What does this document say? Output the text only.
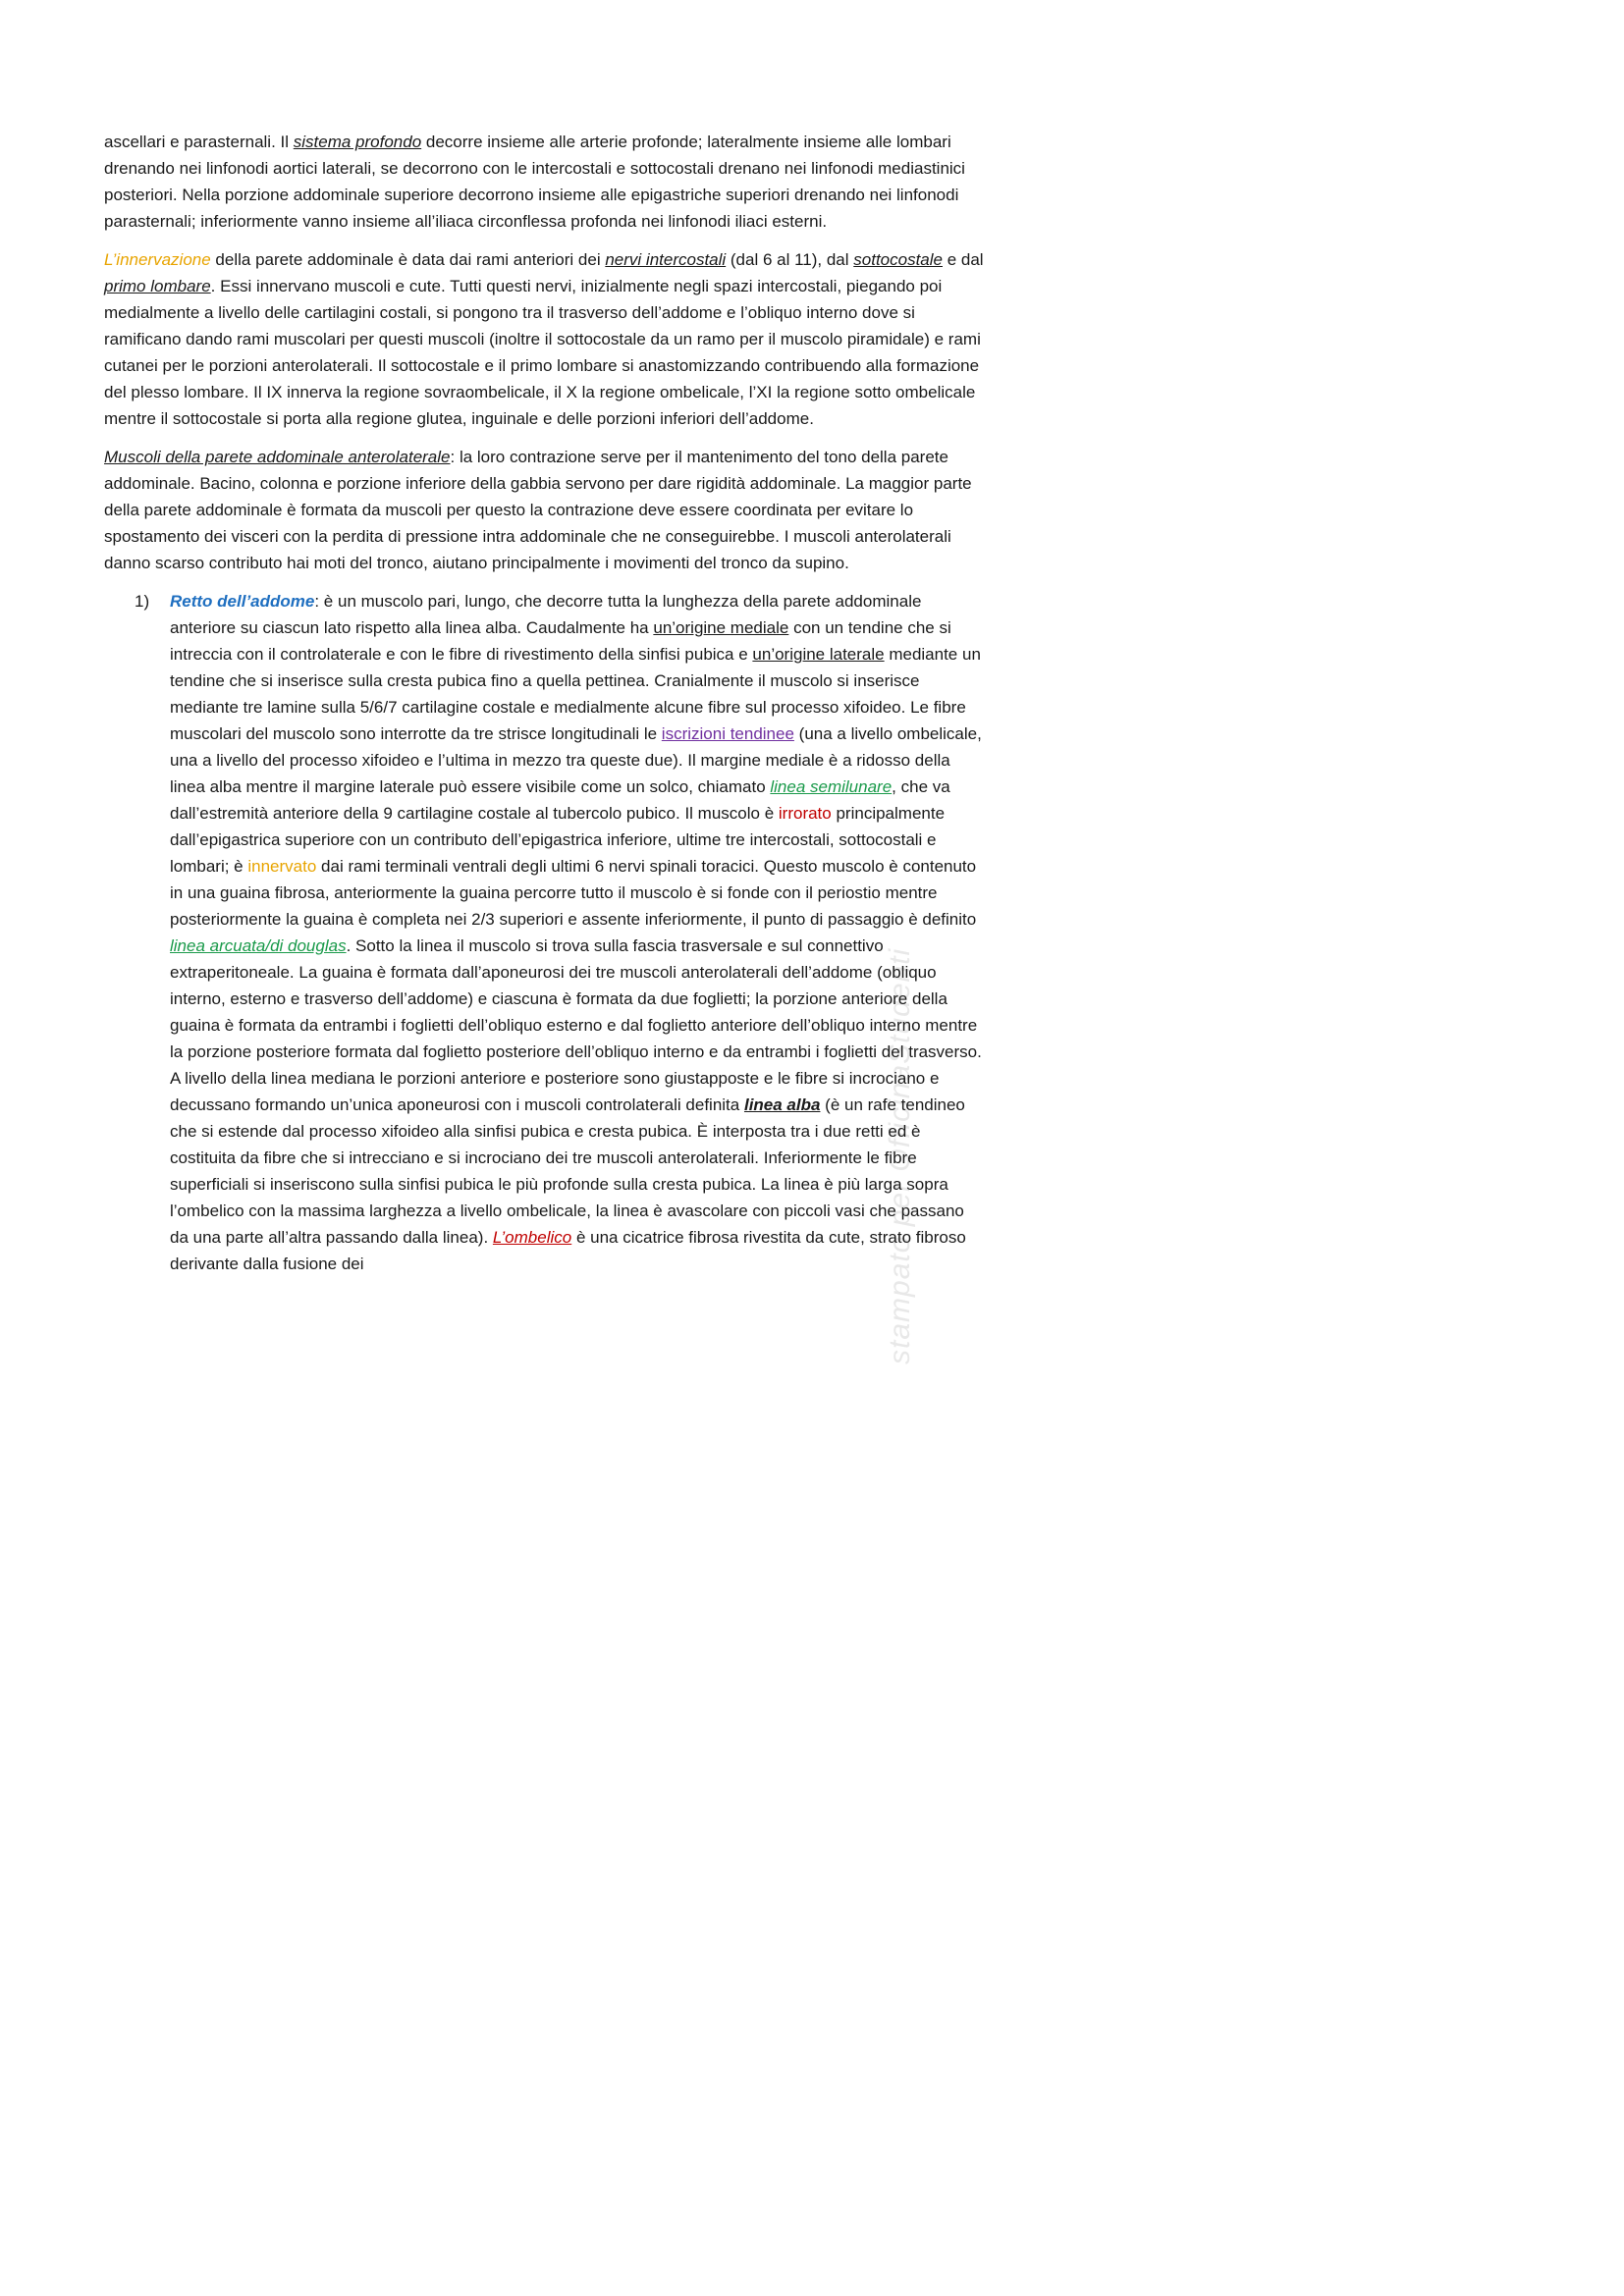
stampato per OfficinaStudenti

ascellari e parasternali. Il sistema profondo decorre insieme alle arterie profonde; lateralmente insieme alle lombari drenando nei linfonodi aortici laterali, se decorrono con le intercostali e sottocostali drenano nei linfonodi mediastinici posteriori. Nella porzione addominale superiore decorrono insieme alle epigastriche superiori drenando nei linfonodi parasternali; inferiormente vanno insieme all’iliaca circonflessa profonda nei linfonodi iliaci esterni.

L’innervazione della parete addominale è data dai rami anteriori dei nervi intercostali (dal 6 al 11), dal sottocostale e dal primo lombare. Essi innervano muscoli e cute. Tutti questi nervi, inizialmente negli spazi intercostali, piegando poi medialmente a livello delle cartilagini costali, si pongono tra il trasverso dell’addome e l’obliquo interno dove si ramificano dando rami muscolari per questi muscoli (inoltre il sottocostale da un ramo per il muscolo piramidale) e rami cutanei per le porzioni anterolaterali. Il sottocostale e il primo lombare si anastomizzando contribuendo alla formazione del plesso lombare. Il IX innerva la regione sovraombelicale, il X la regione ombelicale, l’XI la regione sotto ombelicale mentre il sottocostale si porta alla regione glutea, inguinale e delle porzioni inferiori dell’addome.

Muscoli della parete addominale anterolaterale: la loro contrazione serve per il mantenimento del tono della parete addominale. Bacino, colonna e porzione inferiore della gabbia servono per dare rigidità addominale. La maggior parte della parete addominale è formata da muscoli per questo la contrazione deve essere coordinata per evitare lo spostamento dei visceri con la perdita di pressione intra addominale che ne conseguirebbe. I muscoli anterolaterali danno scarso contributo hai moti del tronco, aiutano principalmente i movimenti del tronco da supino.

1) Retto dell’addome: è un muscolo pari, lungo, che decorre tutta la lunghezza della parete addominale anteriore su ciascun lato rispetto alla linea alba. Caudalmente ha un’origine mediale con un tendine che si intreccia con il controlaterale e con le fibre di rivestimento della sinfisi pubica e un’origine laterale mediante un tendine che si inserisce sulla cresta pubica fino a quella pettinea. Cranialmente il muscolo si inserisce mediante tre lamine sulla 5/6/7 cartilagine costale e medialmente alcune fibre sul processo xifoideo. Le fibre muscolari del muscolo sono interrotte da tre strisce longitudinali le iscrizioni tendinee (una a livello ombelicale, una a livello del processo xifoideo e l’ultima in mezzo tra queste due). Il margine mediale è a ridosso della linea alba mentre il margine laterale può essere visibile come un solco, chiamato linea semilunare, che va dall’estremità anteriore della 9 cartilagine costale al tubercolo pubico. Il muscolo è irrorato principalmente dall’epigastrica superiore con un contributo dell’epigastrica inferiore, ultime tre intercostali, sottocostali e lombari; è innervato dai rami terminali ventrali degli ultimi 6 nervi spinali toracici. Questo muscolo è contenuto in una guaina fibrosa, anteriormente la guaina percorre tutto il muscolo è si fonde con il periostio mentre posteriormente la guaina è completa nei 2/3 superiori e assente inferiormente, il punto di passaggio è definito linea arcuata/di douglas. Sotto la linea il muscolo si trova sulla fascia trasversale e sul connettivo extraperitoneale. La guaina è formata dall’aponeurosi dei tre muscoli anterolaterali dell’addome (obliquo interno, esterno e trasverso dell’addome) e ciascuna è formata da due foglietti; la porzione anteriore della guaina è formata da entrambi i foglietti dell’obliquo esterno e dal foglietto anteriore dell’obliquo interno mentre la porzione posteriore formata dal foglietto posteriore dell’obliquo interno e da entrambi i foglietti del trasverso. A livello della linea mediana le porzioni anteriore e posteriore sono giustapposte e le fibre si incrociano e decussano formando un’unica aponeurosi con i muscoli controlaterali definita linea alba (è un rafe tendineo che si estende dal processo xifoideo alla sinfisi pubica e cresta pubica. È interposta tra i due retti ed è costituita da fibre che si intrecciano e si incrociano dei tre muscoli anterolaterali. Inferiormente le fibre superficiali si inseriscono sulla sinfisi pubica le più profonde sulla cresta pubica. La linea è più larga sopra l’ombelico con la massima larghezza a livello ombelicale, la linea è avascolare con piccoli vasi che passano da una parte all’altra passando dalla linea). L’ombelico è una cicatrice fibrosa rivestita da cute, strato fibroso derivante dalla fusione dei
